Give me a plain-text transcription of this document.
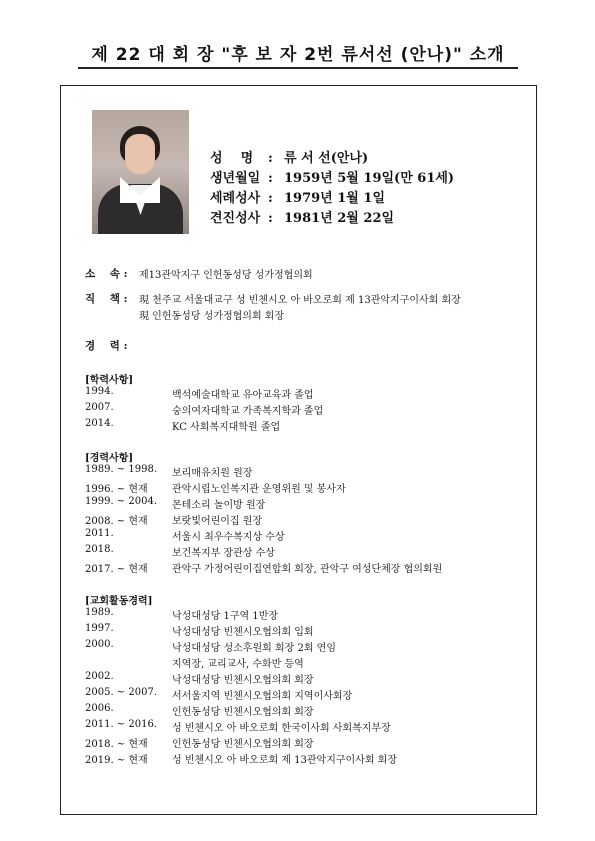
제 22 대 회 장 "후 보 자 2번 류서선 (안나)" 소개
성    명 : 류 서 선(안나)
생년월일 : 1959년 5월 19일(만 61세)
세례성사 : 1979년 1월 1일
견진성사 : 1981년 2월 22일
소    속 : 제13관악지구 인헌동성당 성가정협의회
직    책 : 現 천주교 서울대교구 성 빈첸시오 아 바오로회 제 13관악지구이사회 회장
現 인헌동성당 성가정협의회 회장
경    력 :
[학력사항]
1994.	백석예술대학교 유아교육과 졸업
2007.	숭의여자대학교 가족복지학과 졸업
2014.	KC 사회복지대학원 졸업
[경력사항]
1989. ~ 1998. 보리매유치원 원장
1996. ~ 현재 관악시립노인복지관 운영위원 및 봉사자
1999. ~ 2004. 몬테소리 놀이방 원장
2008. ~ 현재 보랏빛어린이집 원장
2011.	서울시 최우수복지상 수상
2018.	보건복지부 장관상 수상
2017. ~ 현재 관악구 가정어린이집연합회 회장, 관악구 여성단체장 협의회원
[교회활동경력]
1989.	낙성대성당 1구역 1반장
1997.	낙성대성당 빈첸시오협의회 입회
2000.	낙성대성당 성소후원회 회장 2회 연임
지역장, 교리교사, 수화반 등역
2002.	낙성대성당 빈첸시오협의회 회장
2005. ~ 2007. 서서울지역 빈첸시오협의회 지역이사회장
2006.	인헌동성당 빈첸시오협의회 회장
2011. ~ 2016. 성 빈첸시오 아 바오로회 한국이사회 사회복지부장
2018. ~ 현재 인헌동성당 빈첸시오협의회 회장
2019. ~ 현재 성 빈첸시오 아 바오로회 제 13관악지구이사회 회장
